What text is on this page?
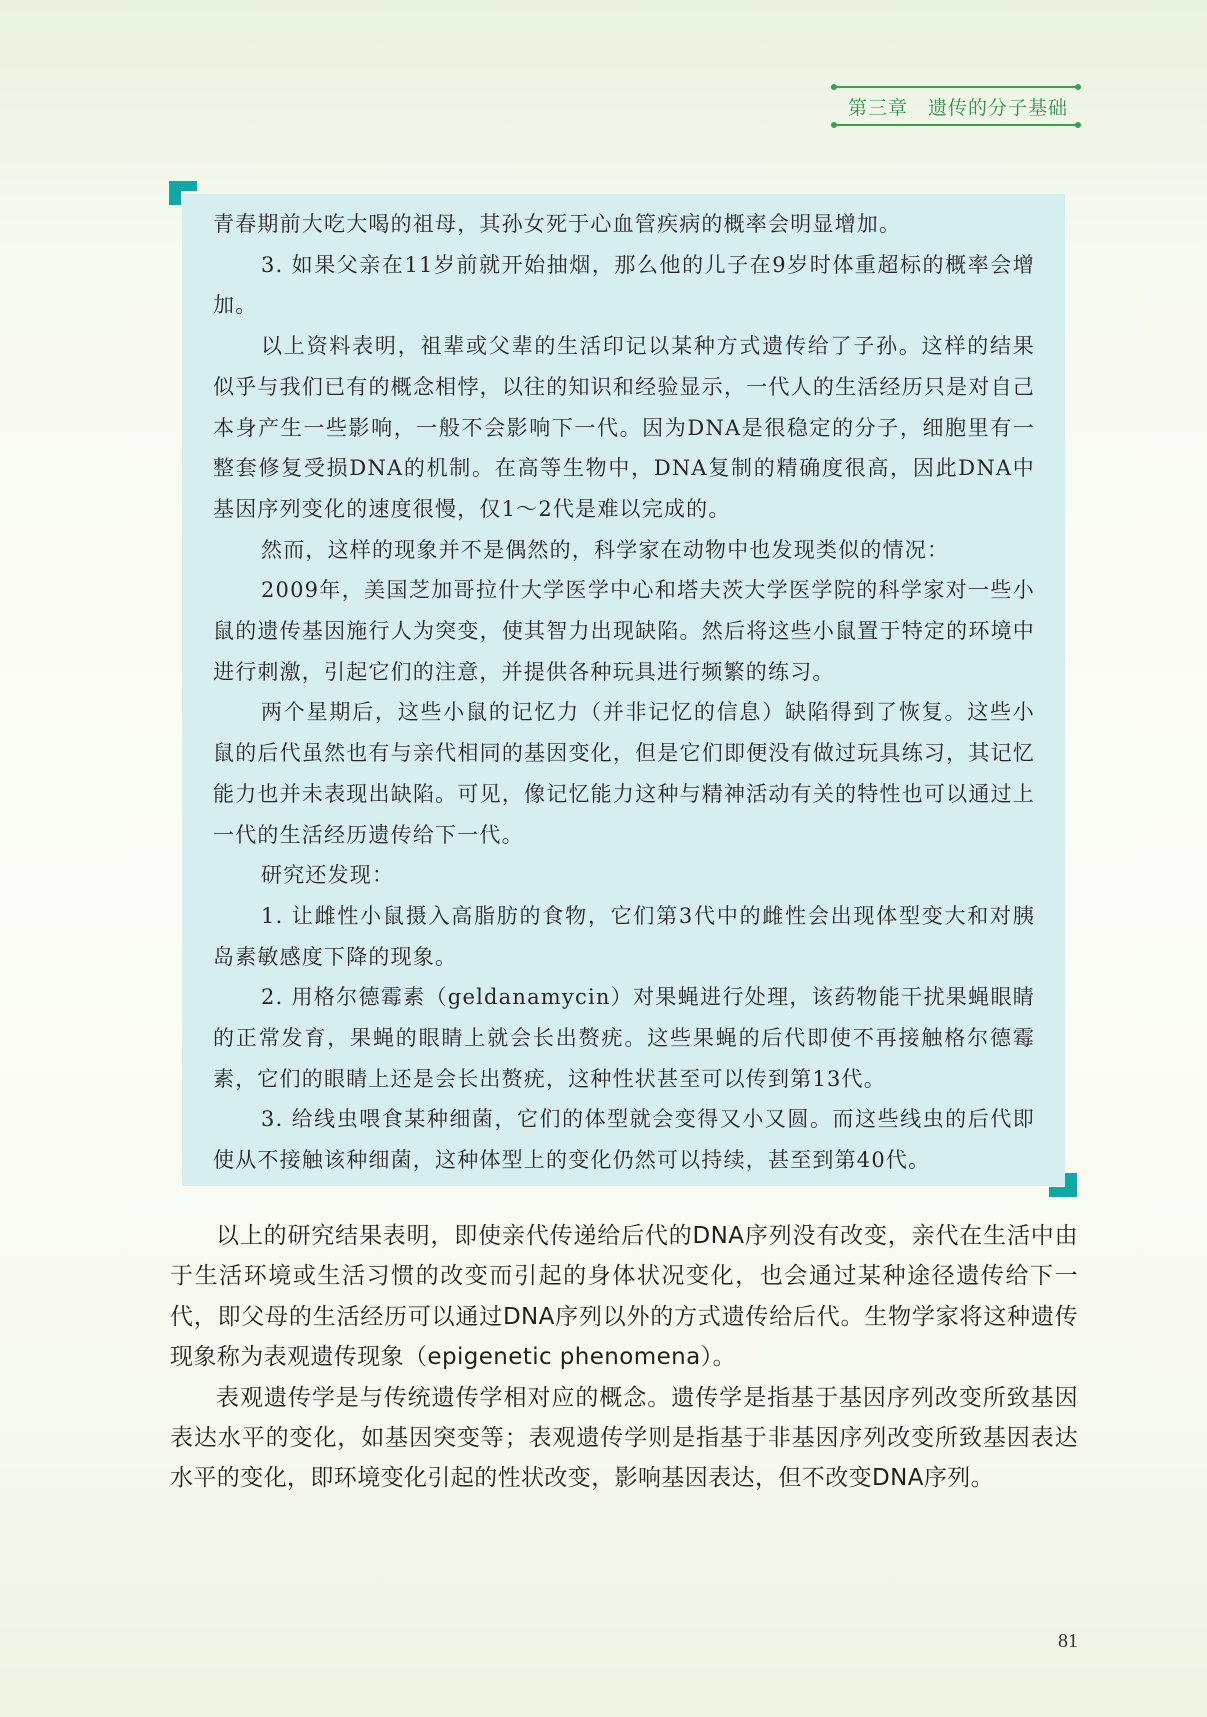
第三章 遗传的分子基础

青春期前大吃大喝的祖母，其孙女死于心血管疾病的概率会明显增加。

3. 如果父亲在11岁前就开始抽烟，那么他的儿子在9岁时体重超标的概率会增加。

以上资料表明，祖辈或父辈的生活印记以某种方式遗传给了子孙。这样的结果似乎与我们已有的概念相悖，以往的知识和经验显示，一代人的生活经历只是对自己本身产生一些影响，一般不会影响下一代。因为DNA是很稳定的分子，细胞里有一整套修复受损DNA的机制。在高等生物中，DNA复制的精确度很高，因此DNA中基因序列变化的速度很慢，仅1～2代是难以完成的。

然而，这样的现象并不是偶然的，科学家在动物中也发现类似的情况：

2009年，美国芝加哥拉什大学医学中心和塔夫茨大学医学院的科学家对一些小鼠的遗传基因施行人为突变，使其智力出现缺陷。然后将这些小鼠置于特定的环境中进行刺激，引起它们的注意，并提供各种玩具进行频繁的练习。

两个星期后，这些小鼠的记忆力（并非记忆的信息）缺陷得到了恢复。这些小鼠的后代虽然也有与亲代相同的基因变化，但是它们即便没有做过玩具练习，其记忆能力也并未表现出缺陷。可见，像记忆能力这种与精神活动有关的特性也可以通过上一代的生活经历遗传给下一代。

研究还发现：

1. 让雌性小鼠摄入高脂肪的食物，它们第3代中的雌性会出现体型变大和对胰岛素敏感度下降的现象。

2. 用格尔德霉素（geldanamycin）对果蝇进行处理，该药物能干扰果蝇眼睛的正常发育，果蝇的眼睛上就会长出赘疣。这些果蝇的后代即使不再接触格尔德霉素，它们的眼睛上还是会长出赘疣，这种性状甚至可以传到第13代。

3. 给线虫喂食某种细菌，它们的体型就会变得又小又圆。而这些线虫的后代即使从不接触该种细菌，这种体型上的变化仍然可以持续，甚至到第40代。

以上的研究结果表明，即使亲代传递给后代的DNA序列没有改变，亲代在生活中由于生活环境或生活习惯的改变而引起的身体状况变化，也会通过某种途径遗传给下一代，即父母的生活经历可以通过DNA序列以外的方式遗传给后代。生物学家将这种遗传现象称为表观遗传现象（epigenetic phenomena）。

表观遗传学是与传统遗传学相对应的概念。遗传学是指基于基因序列改变所致基因表达水平的变化，如基因突变等；表观遗传学则是指基于非基因序列改变所致基因表达水平的变化，即环境变化引起的性状改变，影响基因表达，但不改变DNA序列。

81
